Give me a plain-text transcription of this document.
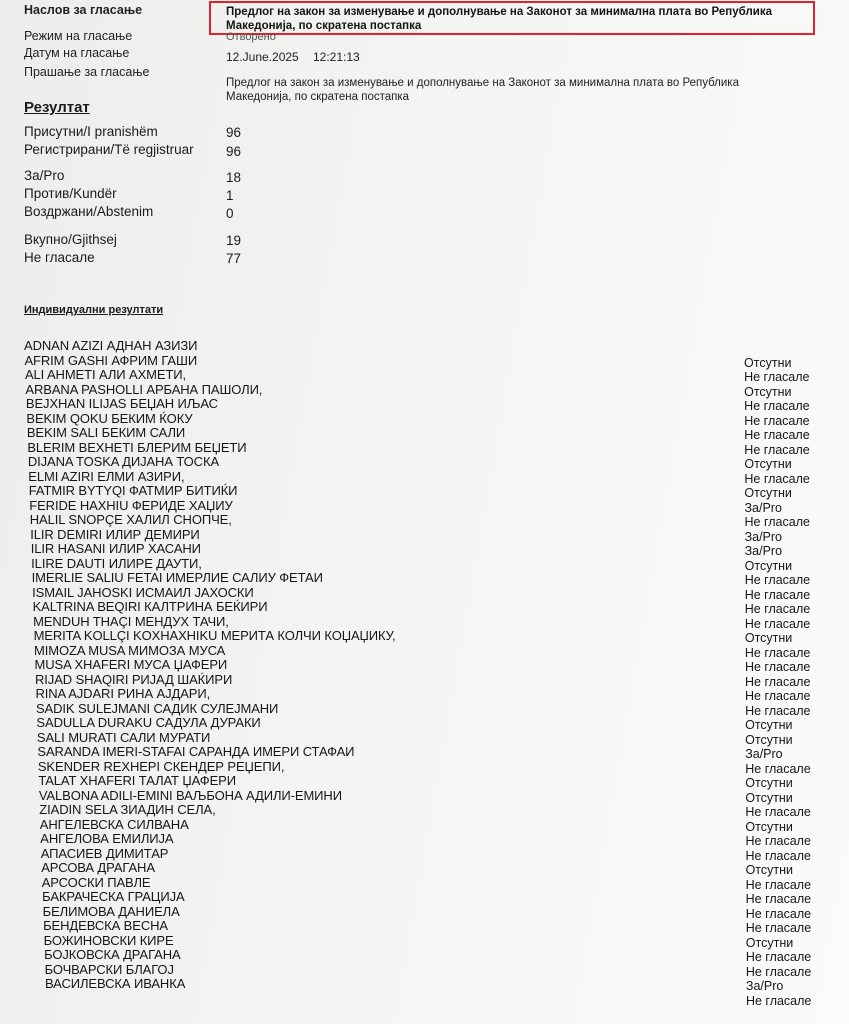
Наслов за гласање	Предлог на закон за изменување и дополнување на Законот за минимална плата во Република Македонија, по скратена постапка
Режим на гласање	Отворено
Датум на гласање	12.June.2025 12:21:13
Прашање за гласање
Предлог на закон за изменување и дополнување на Законот за минимална плата во Република Македонија, по скратена постапка
Резултат
Присутни/I pranishëm	96
Регистрирани/Të regjistruar 96
За/Pro	18
Против/Kundër	1
Воздржани/Abstenim	0
Вкупно/Gjithsej	19
Не гласале	77
Индивидуални резултати
ADNAN AZIZI АДНАН АЗИЗИ
AFRIM GASHI АФРИМ ГАШИ	Отсутни
ALI AHMETI АЛИ АХМЕТИ,	Не гласале
ARBANA PASHOLLI АРБАНА ПАШОЛИ,	Отсутни
BEJXHAN ILIJAS БЕЏАН ИЉАС	Не гласале
BEKIM QOKU БЕКИМ ЌОКУ	Не гласале
BEKIM SALI БЕКИМ САЛИ	Не гласале
BLERIM BEXHETI БЛЕРИМ БЕЏЕТИ	Не гласале
DIJANA TOSKA ДИЈАНА ТОСКА	Отсутни
ELMI AZIRI ЕЛМИ АЗИРИ,	Не гласале
FATMIR BYTYQI ФАТМИР БИТИЌИ	Отсутни
FERIDE HAXHIU ФЕРИДЕ ХАЏИУ	За/Pro
HALIL SNOPÇE ХАЛИЛ СНОПЧЕ,	Не гласале
ILIR DEMIRI ИЛИР ДЕМИРИ	За/Pro
ILIR HASANI ИЛИР ХАСАНИ	За/Pro
ILIRE DAUTI ИЛИРЕ ДАУТИ,	Отсутни
IMERLIE SALIU FETAI ИМЕРЛИЕ САЛИУ ФЕТАИ	Не гласале
ISMAIL JAHOSKI ИСМАИЛ ЈАХОСКИ	Не гласале
KALTRINA BEQIRI КАЛТРИНА БЕЌИРИ	Не гласале
MENDUH THAÇI МЕНДУХ ТАЧИ,	Не гласале
MERITA KOLLÇI KOXHAXHIKU МЕРИТА КОЛЧИ КОЏАЏИКУ,	Отсутни
MIMOZA MUSA МИМОЗА МУСА	Не гласале
MUSA XHAFERI МУСА ЏАФЕРИ	Не гласале
RIJAD SHAQIRI РИЈАД ШАЌИРИ	Не гласале
RINA AJDARI РИНА АЈДАРИ,	Не гласале
SADIK SULEJMANI САДИК СУЛЕЈМАНИ	Не гласале
SADULLA DURAKU САДУЛА ДУРАКИ	Отсутни
SALI MURATI САЛИ МУРАТИ	Отсутни
SARANDA IMERI-STAFAI САРАНДА ИМЕРИ СТАФАИ	За/Pro
SKENDER REXHEPI СКЕНДЕР РЕЏЕПИ,	Не гласале
TALAT XHAFERI ТАЛАТ ЏАФЕРИ	Отсутни
VALBONA ADILI-EMINI ВАЉБОНА АДИЛИ-ЕМИНИ	Отсутни
ZIADIN SELA ЗИАДИН СЕЛА,	Не гласале
АНГЕЛЕВСКА СИЛВАНА	Отсутни
АНГЕЛОВА ЕМИЛИЈА	Не гласале
АПАСИЕВ ДИМИТАР	Не гласале
АРСОВА ДРАГАНА	Отсутни
АРСОСКИ ПАВЛЕ	Не гласале
БАКРАЧЕСКА ГРАЦИЈА	Не гласале
БЕЛИМОВА ДАНИЕЛА	Не гласале
БЕНДЕВСКА ВЕСНА	Не гласале
БОЖИНОВСКИ КИРЕ	Отсутни
БОЈКОВСКА ДРАГАНА	Не гласале
БОЧВАРСКИ БЛАГОЈ	Не гласале
ВАСИЛЕВСКА ИВАНКА	За/Pro
Не гласале
